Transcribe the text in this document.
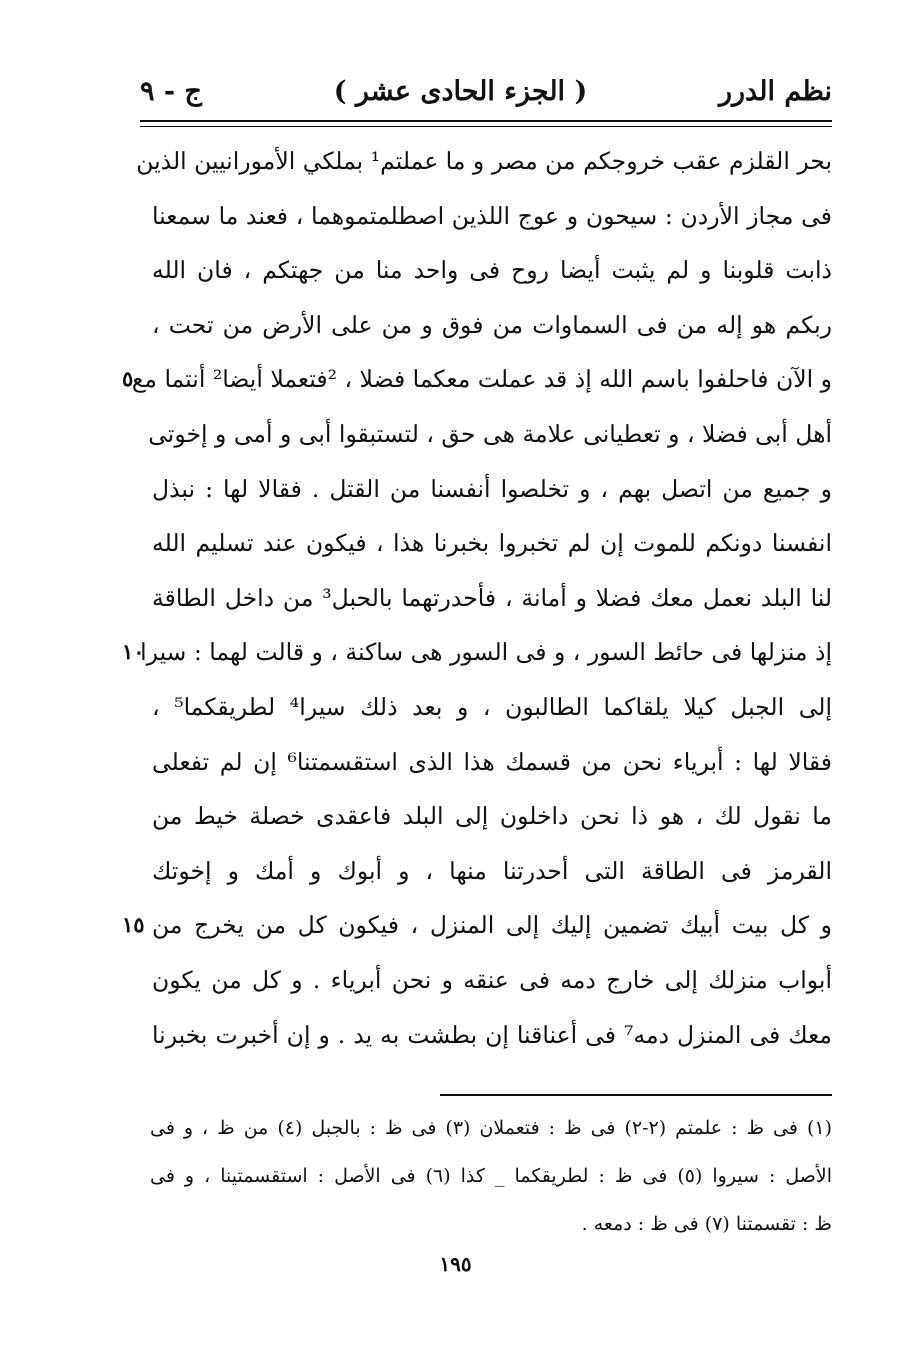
نظم الدرر
( الجزء الحادى عشر )
ج - ٩
بحر القلزم عقب خروجكم من مصر و ما عملتم¹ بملكي الأمورانيين الذين
فى مجاز الأردن : سيحون و عوج اللذين اصطلمتموهما ، فعند ما سمعنا
ذابت قلوبنا و لم يثبت أيضا روح فى واحد منا من جهتكم ، فان الله
ربكم هو إله من فى السماوات من فوق و من على الأرض من تحت ،
و الآن فاحلفوا باسم الله إذ قد عملت معكما فضلا ، ²فتعملا أيضا² أنتما مع
٥
أهل أبى فضلا ، و تعطيانى علامة هى حق ، لتستبقوا أبى و أمى و إخوتى
و جميع من اتصل بهم ، و تخلصوا أنفسنا من القتل . فقالا لها : نبذل
انفسنا دونكم للموت إن لم تخبروا بخبرنا هذا ، فيكون عند تسليم الله
لنا البلد نعمل معك فضلا و أمانة ، فأحدرتهما بالحبل³ من داخل الطاقة
إذ منزلها فى حائط السور ، و فى السور هى ساكنة ، و قالت لهما : سيرا
١٠
إلى الجبل كيلا يلقاكما الطالبون ، و بعد ذلك سيرا⁴ لطريقكما⁵ ،
فقالا لها : أبرياء نحن من قسمك هذا الذى استقسمتنا⁶ إن لم تفعلى
ما نقول لك ، هو ذا نحن داخلون إلى البلد فاعقدى خصلة خيط من
القرمز فى الطاقة التى أحدرتنا منها ، و أبوك و أمك و إخوتك
و كل بيت أبيك تضمين إليك إلى المنزل ، فيكون كل من يخرج من
١٥
أبواب منزلك إلى خارج دمه فى عنقه و نحن أبرياء . و كل من يكون
معك فى المنزل دمه⁷ فى أعناقنا إن بطشت به يد . و إن أخبرت بخبرنا
(١) فى ظ : علمتم (٢-٢) فى ظ : فتعملان (٣) فى ظ : بالجبل (٤) من ظ ، و فى
الأصل : سيروا (٥) فى ظ : لطريقكما _ كذا (٦) فى الأصل : استقسمتينا ، و فى
ظ : تقسمتنا (٧) فى ظ : دمعه .
١٩٥
